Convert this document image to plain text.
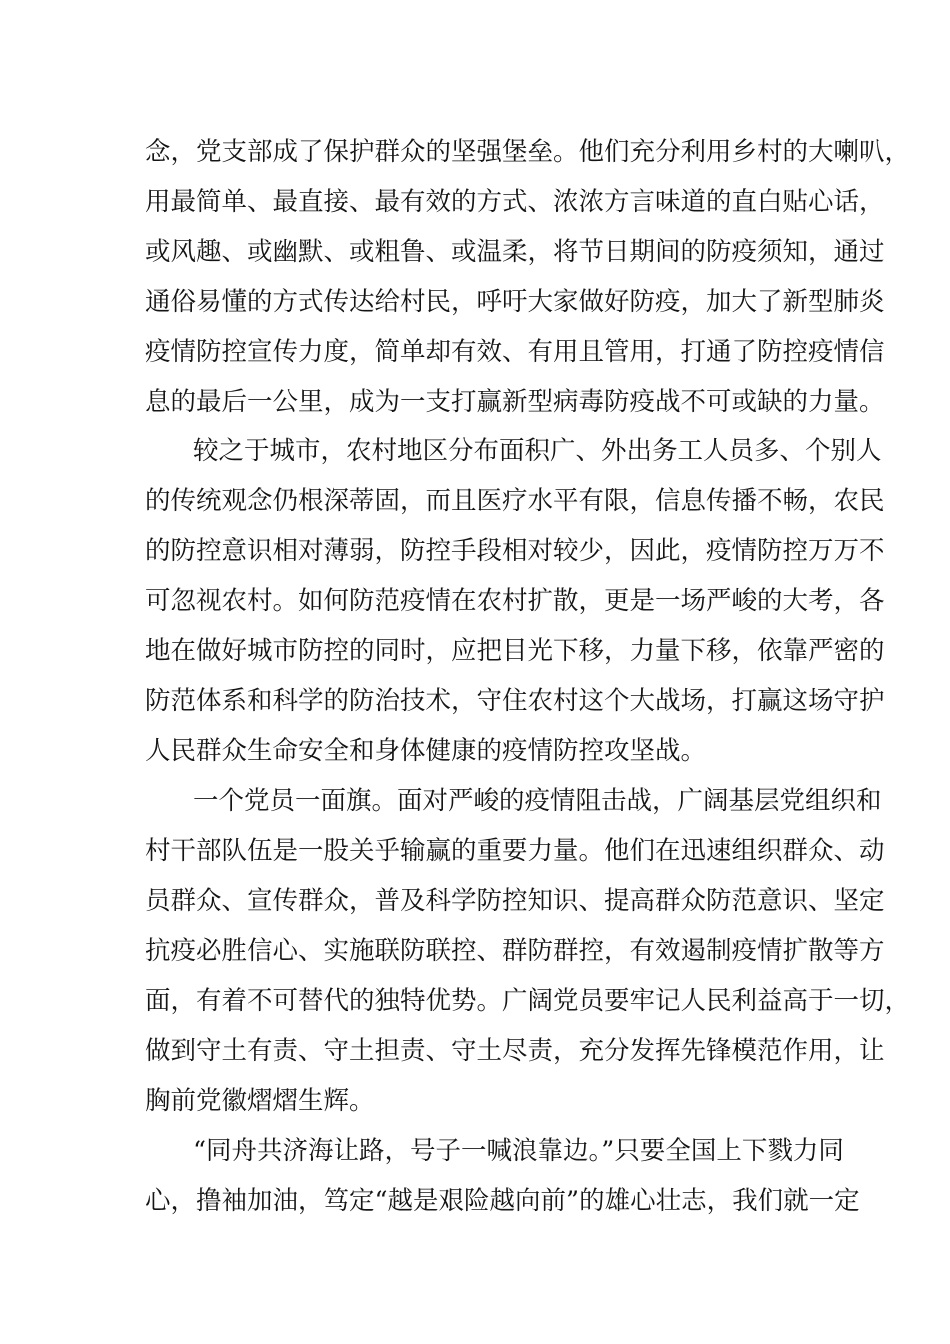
念，党支部成了保护群众的坚强堡垒。他们充分利用乡村的大喇叭，
用最简单、最直接、最有效的方式、浓浓方言味道的直白贴心话，
或风趣、或幽默、或粗鲁、或温柔，将节日期间的防疫须知，通过
通俗易懂的方式传达给村民，呼吁大家做好防疫，加大了新型肺炎
疫情防控宣传力度，简单却有效、有用且管用，打通了防控疫情信
息的最后一公里，成为一支打赢新型病毒防疫战不可或缺的力量。
较之于城市，农村地区分布面积广、外出务工人员多、个别人
的传统观念仍根深蒂固，而且医疗水平有限，信息传播不畅，农民
的防控意识相对薄弱，防控手段相对较少，因此，疫情防控万万不
可忽视农村。如何防范疫情在农村扩散，更是一场严峻的大考，各
地在做好城市防控的同时，应把目光下移，力量下移，依靠严密的
防范体系和科学的防治技术，守住农村这个大战场，打赢这场守护
人民群众生命安全和身体健康的疫情防控攻坚战。
一个党员一面旗。面对严峻的疫情阻击战，广阔基层党组织和
村干部队伍是一股关乎输赢的重要力量。他们在迅速组织群众、动
员群众、宣传群众，普及科学防控知识、提高群众防范意识、坚定
抗疫必胜信心、实施联防联控、群防群控，有效遏制疫情扩散等方
面，有着不可替代的独特优势。广阔党员要牢记人民利益高于一切，
做到守土有责、守土担责、守土尽责，充分发挥先锋模范作用，让
胸前党徽熠熠生辉。
“同舟共济海让路，号子一喊浪靠边。”只要全国上下戮力同
心，撸袖加油，笃定“越是艰险越向前”的雄心壮志，我们就一定
